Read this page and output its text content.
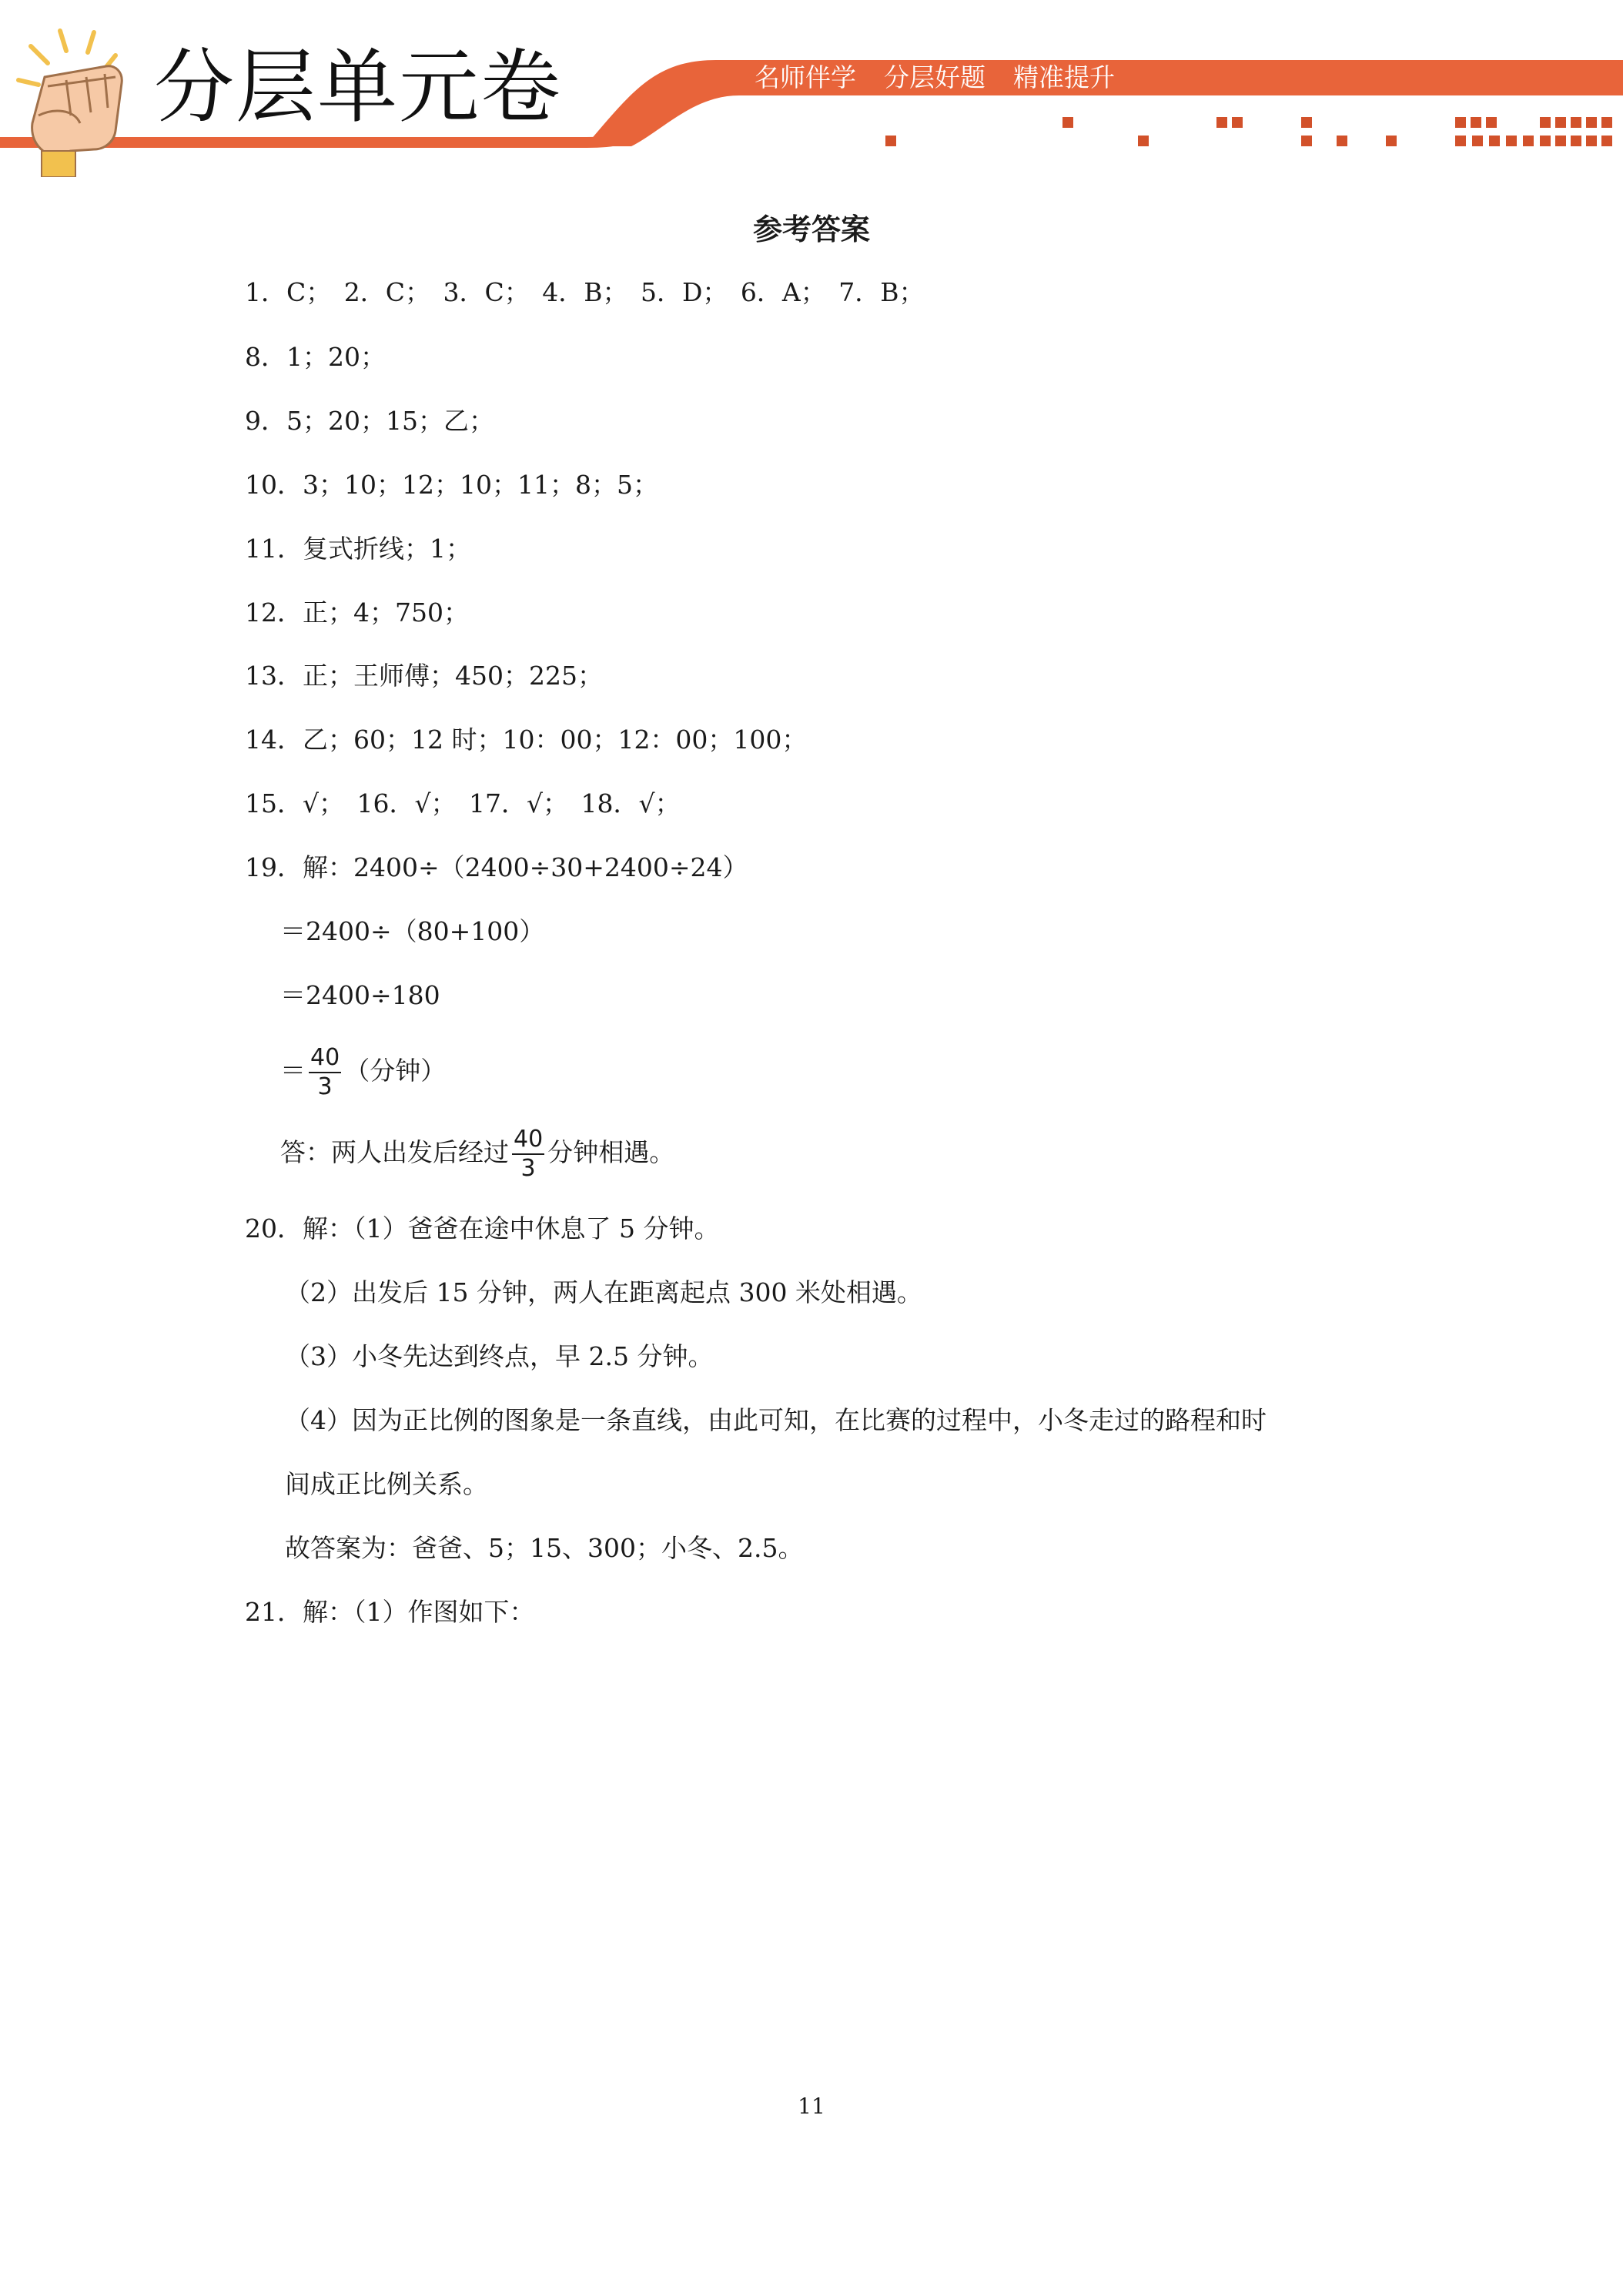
分层单元卷	名师伴学 分层好题 精准提升
参考答案
1．C；　2．C；　3．C；　4．B；　5．D；　6．A；　7．B；
8．1；20；
9．5；20；15；乙；
10．3；10；12；10；11；8；5；
11．复式折线；1；
12．正；4；750；
13．正；王师傅；450；225；
14．乙；60；12 时；10：00；12：00；100；
15．√；　16．√；　17．√；　18．√；
19．解：2400÷（2400÷30+2400÷24）
＝2400÷（80+100）
＝2400÷180
＝ $\frac{40}{3}$ （分钟）
答：两人出发后经过 $\frac{40}{3}$ 分钟相遇。
20．解：（1）爸爸在途中休息了 5 分钟。
（2）出发后 15 分钟，两人在距离起点 300 米处相遇。
（3）小冬先达到终点，早 2.5 分钟。
（4）因为正比例的图象是一条直线，由此可知，在比赛的过程中，小冬走过的路程和时
间成正比例关系。
故答案为：爸爸、5；15、300；小冬、2.5。
21．解：（1）作图如下：
11
